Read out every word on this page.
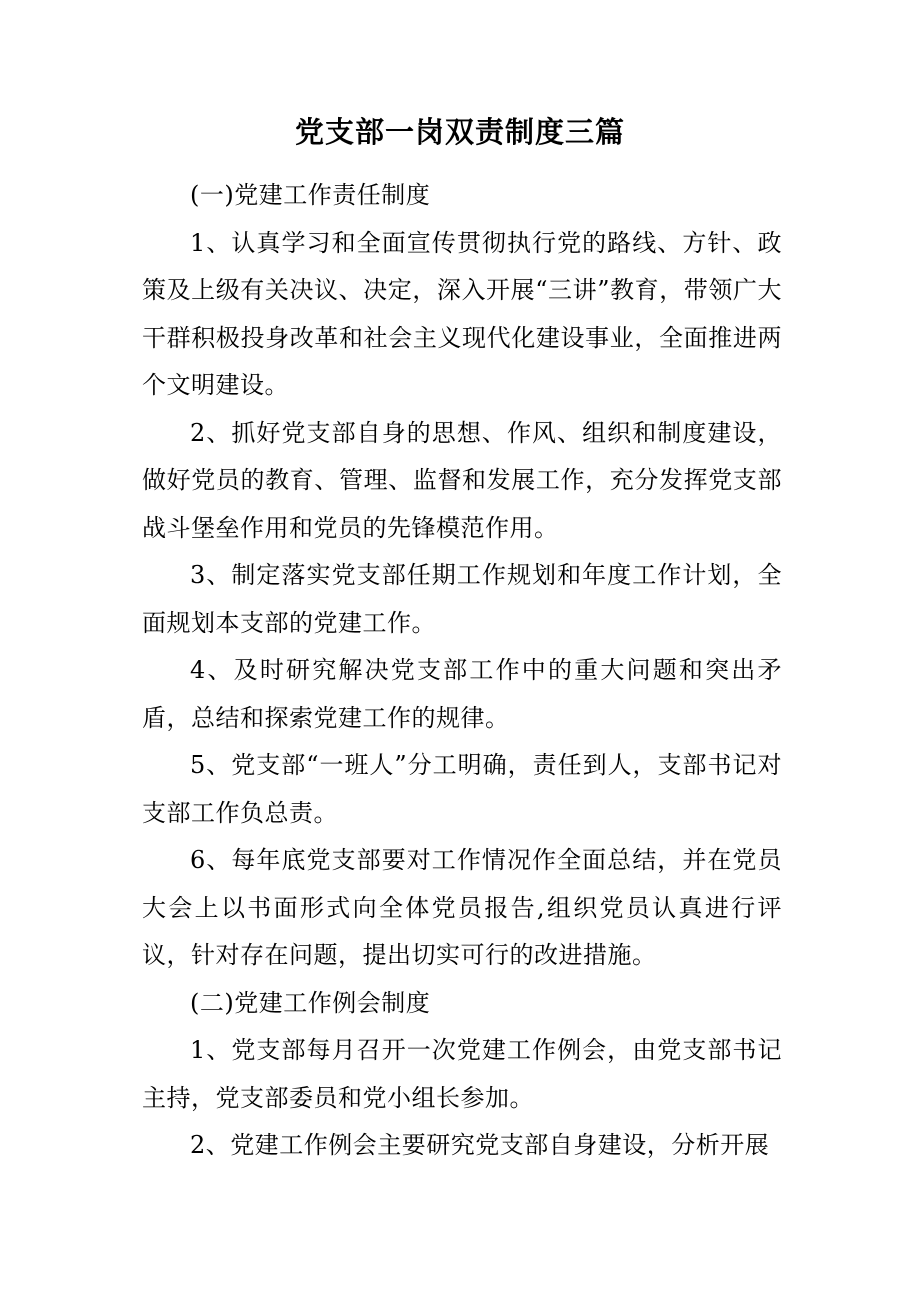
党支部一岗双责制度三篇

(一)党建工作责任制度

1、认真学习和全面宣传贯彻执行党的路线、方针、政策及上级有关决议、决定，深入开展“三讲”教育，带领广大干群积极投身改革和社会主义现代化建设事业，全面推进两个文明建设。

2、抓好党支部自身的思想、作风、组织和制度建设，做好党员的教育、管理、监督和发展工作，充分发挥党支部战斗堡垒作用和党员的先锋模范作用。

3、制定落实党支部任期工作规划和年度工作计划，全面规划本支部的党建工作。

4、及时研究解决党支部工作中的重大问题和突出矛盾，总结和探索党建工作的规律。

5、党支部“一班人”分工明确，责任到人，支部书记对支部工作负总责。

6、每年底党支部要对工作情况作全面总结，并在党员大会上以书面形式向全体党员报告,组织党员认真进行评议，针对存在问题，提出切实可行的改进措施。

(二)党建工作例会制度

1、党支部每月召开一次党建工作例会，由党支部书记主持，党支部委员和党小组长参加。

2、党建工作例会主要研究党支部自身建设，分析开展
